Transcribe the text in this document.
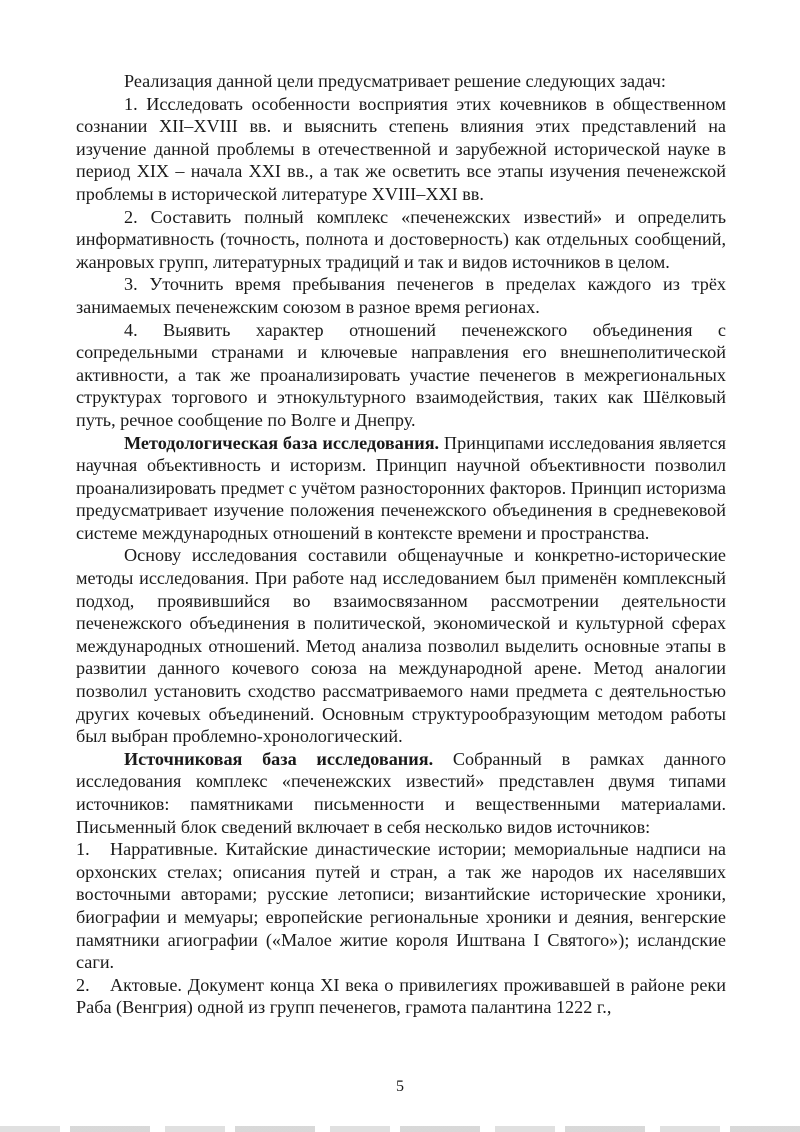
Реализация данной цели предусматривает решение следующих задач:

1. Исследовать особенности восприятия этих кочевников в общественном сознании XII–XVIII вв. и выяснить степень влияния этих представлений на изучение данной проблемы в отечественной и зарубежной исторической науке в период XIX – начала XXI вв., а так же осветить все этапы изучения печенежской проблемы в исторической литературе XVIII–XXI вв.

2. Составить полный комплекс «печенежских известий» и определить информативность (точность, полнота и достоверность) как отдельных сообщений, жанровых групп, литературных традиций и так и видов источников в целом.

3. Уточнить время пребывания печенегов в пределах каждого из трёх занимаемых печенежским союзом в разное время регионах.

4. Выявить характер отношений печенежского объединения с сопредельными странами и ключевые направления его внешнеполитической активности, а так же проанализировать участие печенегов в межрегиональных структурах торгового и этнокультурного взаимодействия, таких как Шёлковый путь, речное сообщение по Волге и Днепру.

Методологическая база исследования. Принципами исследования является научная объективность и историзм. Принцип научной объективности позволил проанализировать предмет с учётом разносторонних факторов. Принцип историзма предусматривает изучение положения печенежского объединения в средневековой системе международных отношений в контексте времени и пространства.

Основу исследования составили общенаучные и конкретно-исторические методы исследования. При работе над исследованием был применён комплексный подход, проявившийся во взаимосвязанном рассмотрении деятельности печенежского объединения в политической, экономической и культурной сферах международных отношений. Метод анализа позволил выделить основные этапы в развитии данного кочевого союза на международной арене. Метод аналогии позволил установить сходство рассматриваемого нами предмета с деятельностью других кочевых объединений. Основным структурообразующим методом работы был выбран проблемно-хронологический.

Источниковая база исследования. Собранный в рамках данного исследования комплекс «печенежских известий» представлен двумя типами источников: памятниками письменности и вещественными материалами. Письменный блок сведений включает в себя несколько видов источников:

1. Нарративные. Китайские династические истории; мемориальные надписи на орхонских стелах; описания путей и стран, а так же народов их населявших восточными авторами; русские летописи; византийские исторические хроники, биографии и мемуары; европейские региональные хроники и деяния, венгерские памятники агиографии («Малое житие короля Иштвана I Святого»); исландские саги.

2. Актовые. Документ конца XI века о привилегиях проживавшей в районе реки Раба (Венгрия) одной из групп печенегов, грамота палантина 1222 г.,

5
